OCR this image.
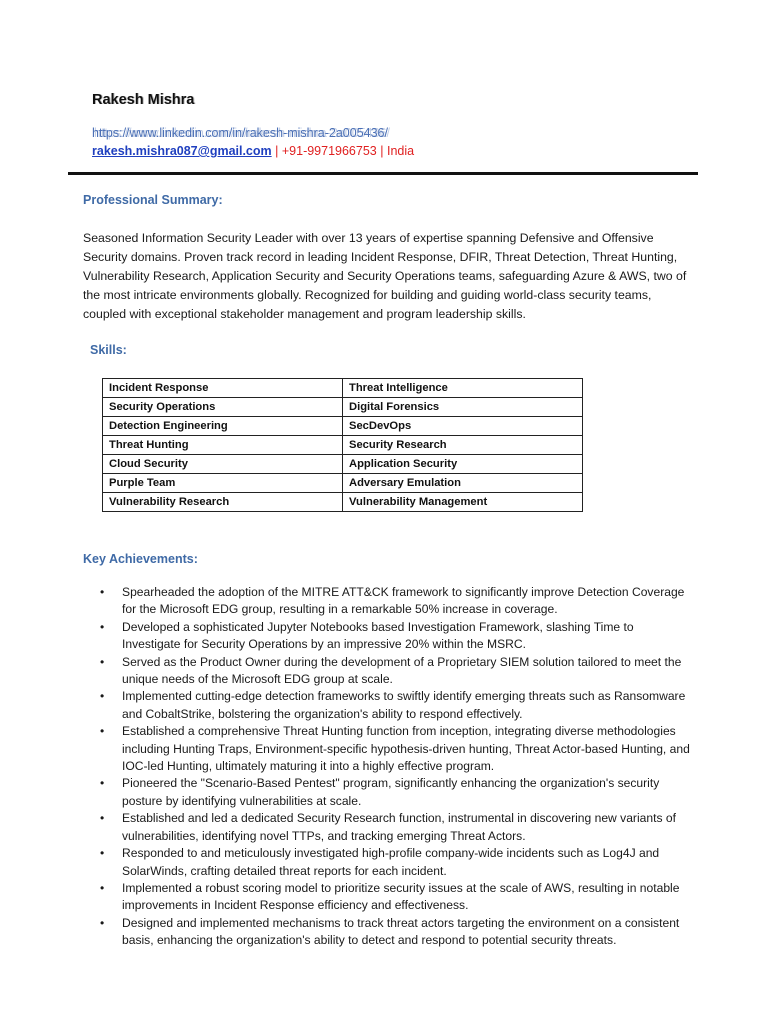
Rakesh Mishra
https://www.linkedin.com/in/rakesh-mishra-2a005436/
rakesh.mishra087@gmail.com | +91-9971966753 | India
Professional Summary:
Seasoned Information Security Leader with over 13 years of expertise spanning Defensive and Offensive Security domains. Proven track record in leading Incident Response, DFIR, Threat Detection, Threat Hunting, Vulnerability Research, Application Security and Security Operations teams, safeguarding Azure & AWS, two of the most intricate environments globally. Recognized for building and guiding world-class security teams, coupled with exceptional stakeholder management and program leadership skills.
Skills:
Incident Response	Threat Intelligence
Security Operations	Digital Forensics
Detection Engineering	SecDevOps
Threat Hunting	Security Research
Cloud Security	Application Security
Purple Team	Adversary Emulation
Vulnerability Research	Vulnerability Management
Key Achievements:
• Spearheaded the adoption of the MITRE ATT&CK framework to significantly improve Detection Coverage for the Microsoft EDG group, resulting in a remarkable 50% increase in coverage.
• Developed a sophisticated Jupyter Notebooks based Investigation Framework, slashing Time to Investigate for Security Operations by an impressive 20% within the MSRC.
• Served as the Product Owner during the development of a Proprietary SIEM solution tailored to meet the unique needs of the Microsoft EDG group at scale.
• Implemented cutting-edge detection frameworks to swiftly identify emerging threats such as Ransomware and CobaltStrike, bolstering the organization's ability to respond effectively.
• Established a comprehensive Threat Hunting function from inception, integrating diverse methodologies including Hunting Traps, Environment-specific hypothesis-driven hunting, Threat Actor-based Hunting, and IOC-led Hunting, ultimately maturing it into a highly effective program.
• Pioneered the "Scenario-Based Pentest" program, significantly enhancing the organization's security posture by identifying vulnerabilities at scale.
• Established and led a dedicated Security Research function, instrumental in discovering new variants of vulnerabilities, identifying novel TTPs, and tracking emerging Threat Actors.
• Responded to and meticulously investigated high-profile company-wide incidents such as Log4J and SolarWinds, crafting detailed threat reports for each incident.
• Implemented a robust scoring model to prioritize security issues at the scale of AWS, resulting in notable improvements in Incident Response efficiency and effectiveness.
• Designed and implemented mechanisms to track threat actors targeting the environment on a consistent basis, enhancing the organization's ability to detect and respond to potential security threats.
